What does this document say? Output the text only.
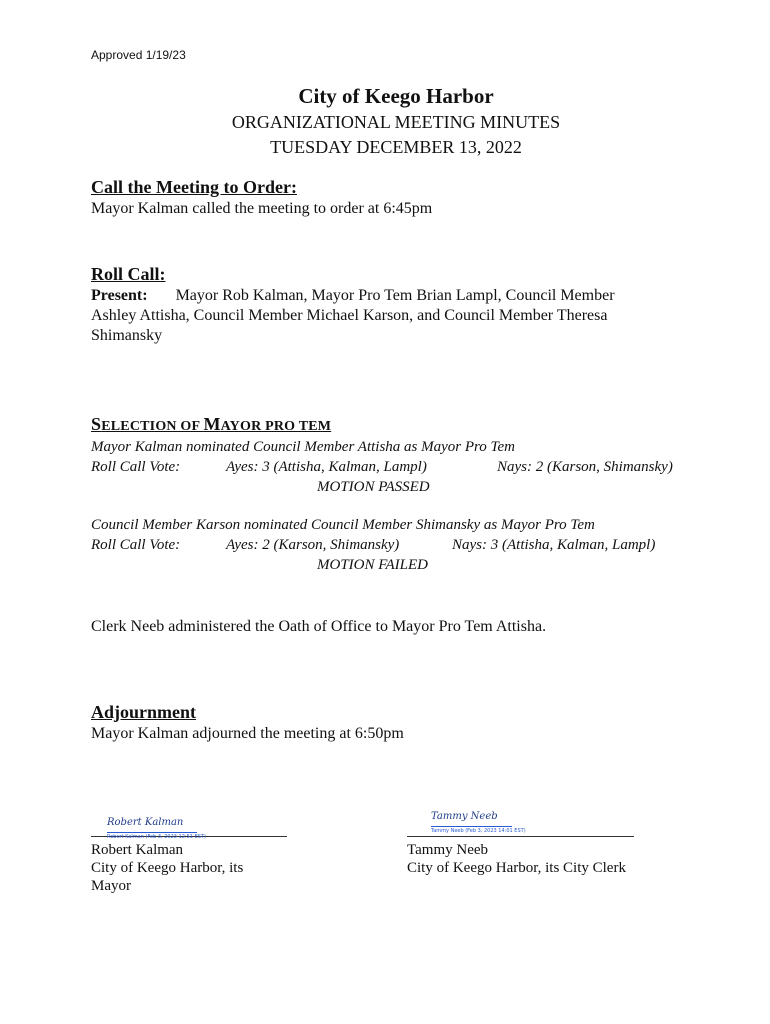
Approved 1/19/23
City of Keego Harbor
ORGANIZATIONAL MEETING MINUTES
TUESDAY DECEMBER 13, 2022
Call the Meeting to Order:
Mayor Kalman called the meeting to order at 6:45pm
Roll Call:
Present: Mayor Rob Kalman, Mayor Pro Tem Brian Lampl, Council Member
Ashley Attisha, Council Member Michael Karson, and Council Member Theresa
Shimansky
SELECTION OF MAYOR PRO TEM
Mayor Kalman nominated Council Member Attisha as Mayor Pro Tem
Roll Call Vote:	Ayes: 3 (Attisha, Kalman, Lampl)	Nays: 2 (Karson, Shimansky)
MOTION PASSED
Council Member Karson nominated Council Member Shimansky as Mayor Pro Tem
Roll Call Vote:	Ayes: 2 (Karson, Shimansky)	Nays: 3 (Attisha, Kalman, Lampl)
MOTION FAILED
Clerk Neeb administered the Oath of Office to Mayor Pro Tem Attisha.
Adjournment
Mayor Kalman adjourned the meeting at 6:50pm
Robert Kalman
Robert Kalman (Feb 3, 2023 12:51 EST)
Robert Kalman
City of Keego Harbor, its Mayor
Tammy Neeb
Tammy Neeb (Feb 3, 2023 14:01 EST)
Tammy Neeb
City of Keego Harbor, its City Clerk
